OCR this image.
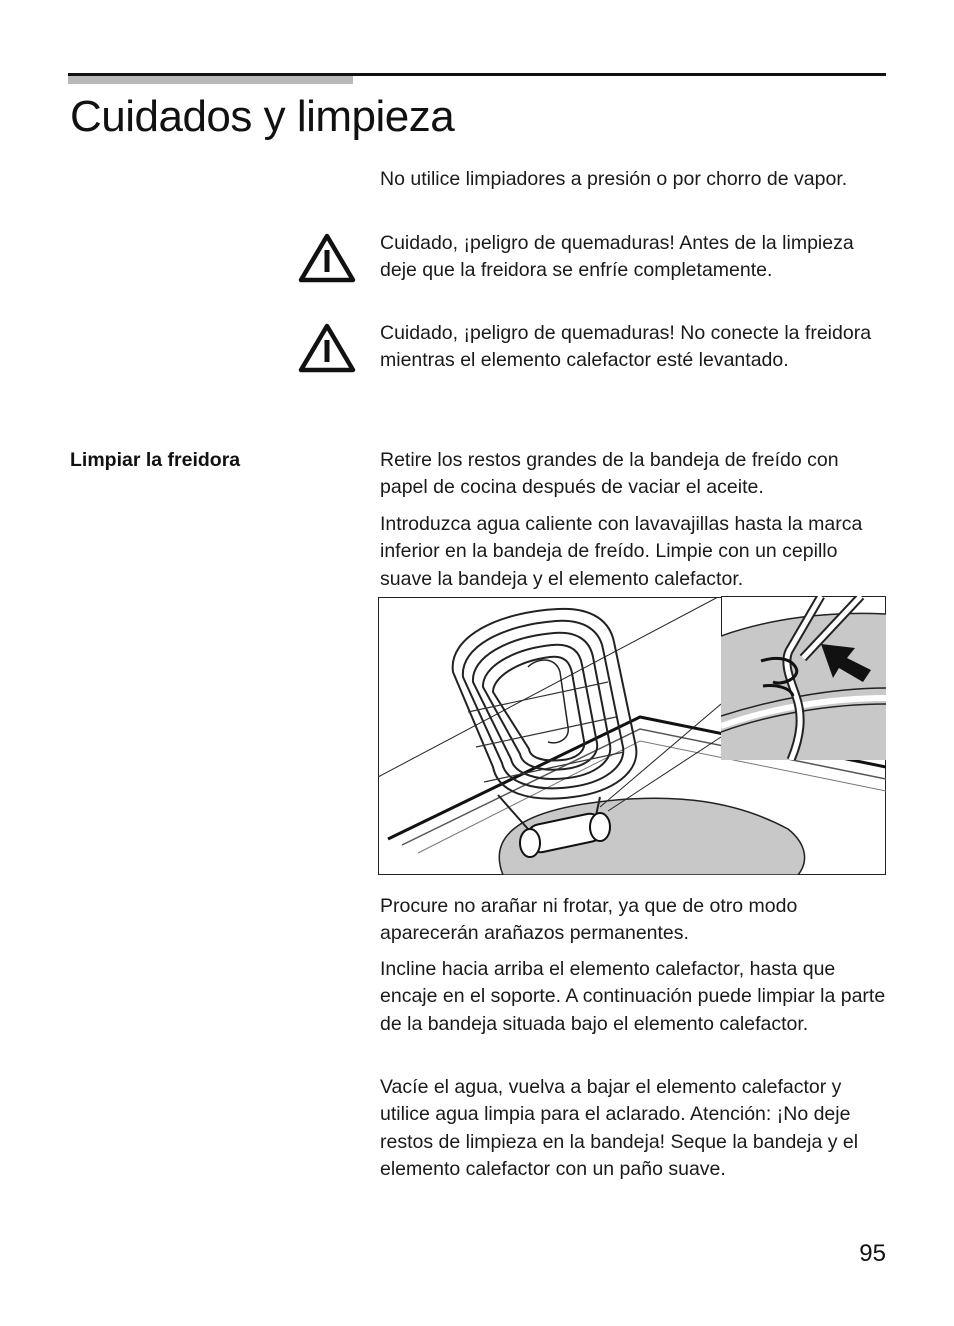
Cuidados y limpieza

No utilice limpiadores a presión o por chorro de vapor.

Cuidado, ¡peligro de quemaduras! Antes de la limpieza deje que la freidora se enfríe completamente.

Cuidado, ¡peligro de quemaduras! No conecte la freidora mientras el elemento calefactor esté levantado.

Limpiar la freidora	Retire los restos grandes de la bandeja de freído con papel de cocina después de vaciar el aceite.

Introduzca agua caliente con lavavajillas hasta la marca inferior en la bandeja de freído. Limpie con un cepillo suave la bandeja y el elemento calefactor.

Procure no arañar ni frotar, ya que de otro modo aparecerán arañazos permanentes.

Incline hacia arriba el elemento calefactor, hasta que encaje en el soporte. A continuación puede limpiar la parte de la bandeja situada bajo el elemento calefactor.

Vacíe el agua, vuelva a bajar el elemento calefactor y utilice agua limpia para el aclarado. Atención: ¡No deje restos de limpieza en la bandeja! Seque la bandeja y el elemento calefactor con un paño suave.

95
